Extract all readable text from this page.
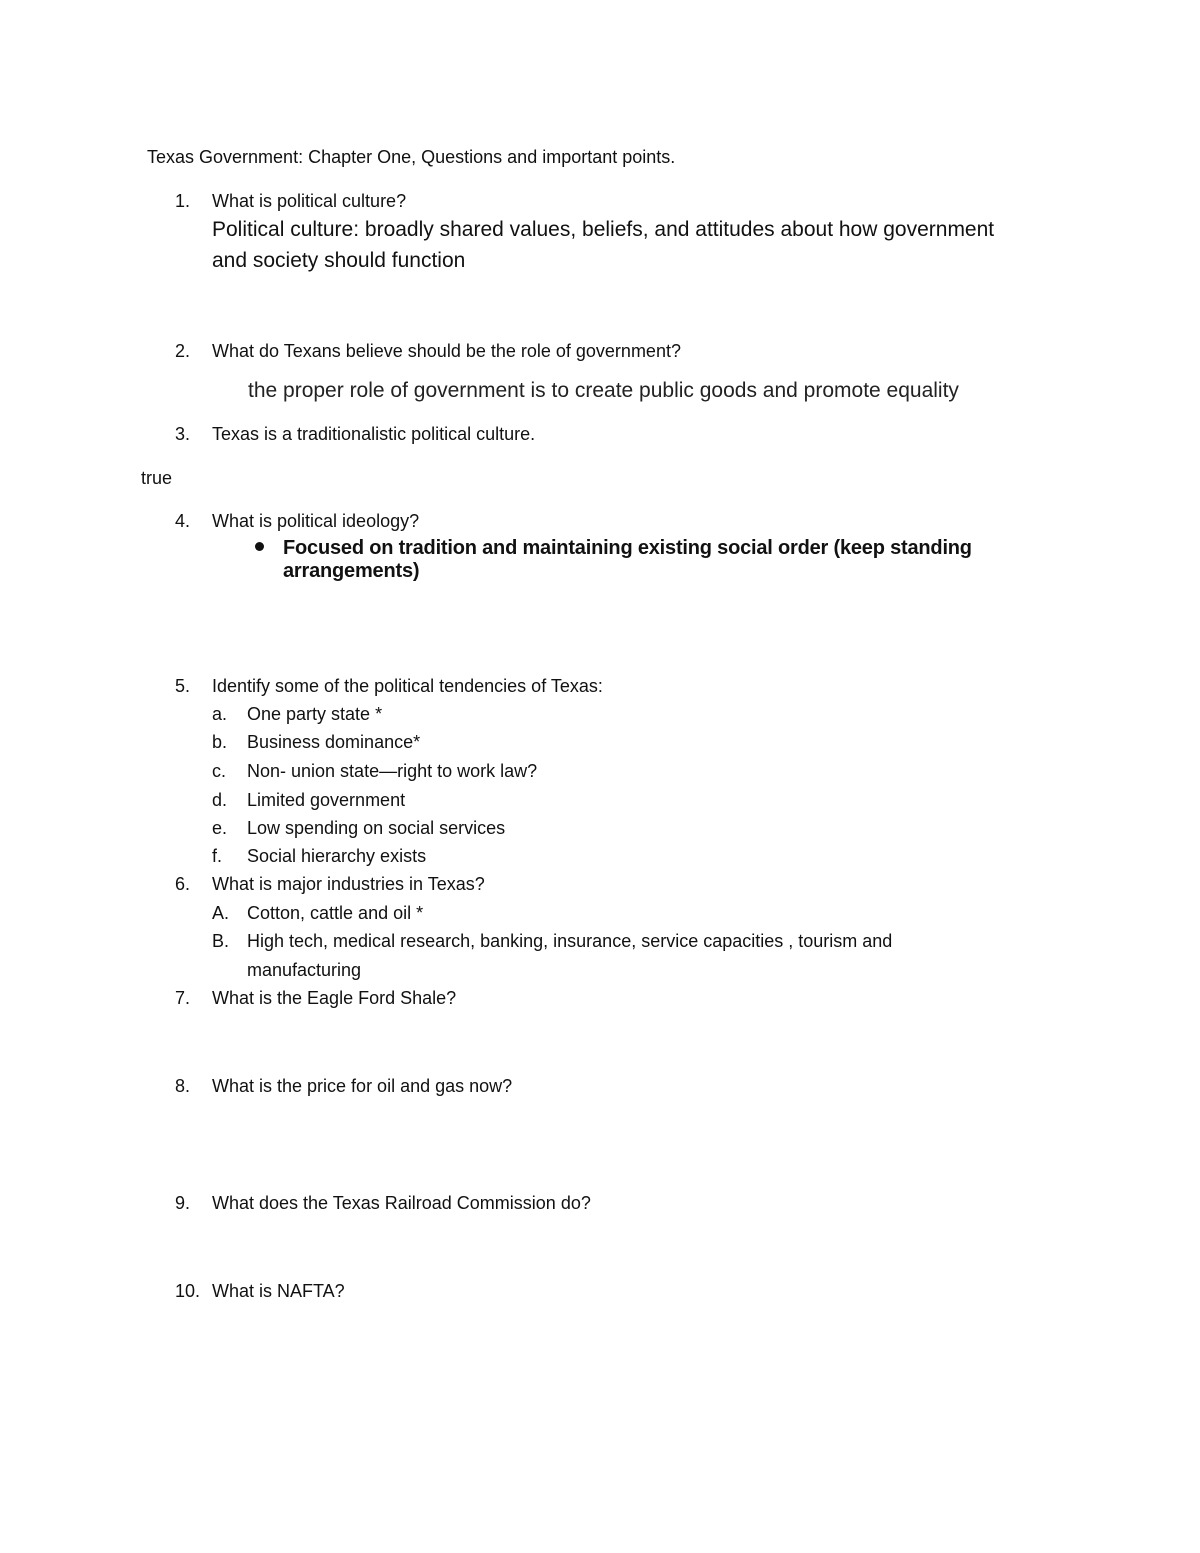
Texas Government: Chapter One, Questions and important points.
1. What is political culture?
Political culture: broadly shared values, beliefs, and attitudes about how government
and society should function
2. What do Texans believe should be the role of government?
the proper role of government is to create public goods and promote equality
3. Texas is a traditionalistic political culture.
true
4. What is political ideology?
Focused on tradition and maintaining existing social order (keep standing
arrangements)
5. Identify some of the political tendencies of Texas:
a. One party state *
b. Business dominance*
c. Non- union state—right to work law?
d. Limited government
e. Low spending on social services
f. Social hierarchy exists
6. What is major industries in Texas?
A. Cotton, cattle and oil *
B. High tech, medical research, banking, insurance, service capacities , tourism and
manufacturing
7. What is the Eagle Ford Shale?
8. What is the price for oil and gas now?
9. What does the Texas Railroad Commission do?
10. What is NAFTA?
